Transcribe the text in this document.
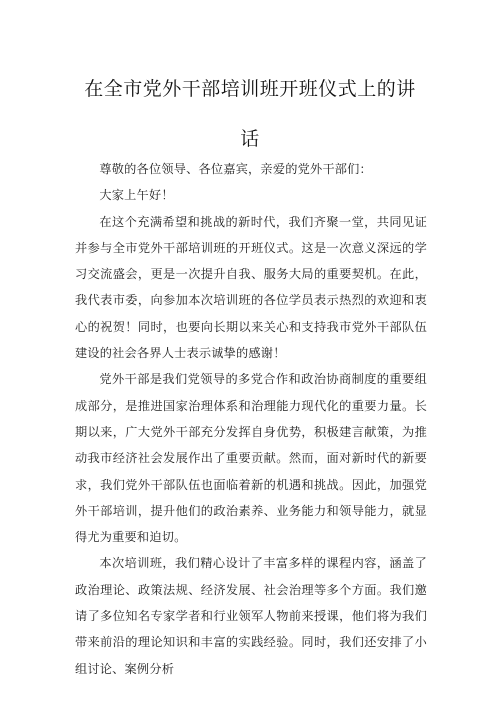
在全市党外干部培训班开班仪式上的讲
话

尊敬的各位领导、各位嘉宾，亲爱的党外干部们：

大家上午好！

在这个充满希望和挑战的新时代，我们齐聚一堂，共同见证并参与全市党外干部培训班的开班仪式。这是一次意义深远的学习交流盛会，更是一次提升自我、服务大局的重要契机。在此，我代表市委，向参加本次培训班的各位学员表示热烈的欢迎和衷心的祝贺！同时，也要向长期以来关心和支持我市党外干部队伍建设的社会各界人士表示诚挚的感谢！

党外干部是我们党领导的多党合作和政治协商制度的重要组成部分，是推进国家治理体系和治理能力现代化的重要力量。长期以来，广大党外干部充分发挥自身优势，积极建言献策，为推动我市经济社会发展作出了重要贡献。然而，面对新时代的新要求，我们党外干部队伍也面临着新的机遇和挑战。因此，加强党外干部培训，提升他们的政治素养、业务能力和领导能力，就显得尤为重要和迫切。

本次培训班，我们精心设计了丰富多样的课程内容，涵盖了政治理论、政策法规、经济发展、社会治理等多个方面。我们邀请了多位知名专家学者和行业领军人物前来授课，他们将为我们带来前沿的理论知识和丰富的实践经验。同时，我们还安排了小组讨论、案例分析
